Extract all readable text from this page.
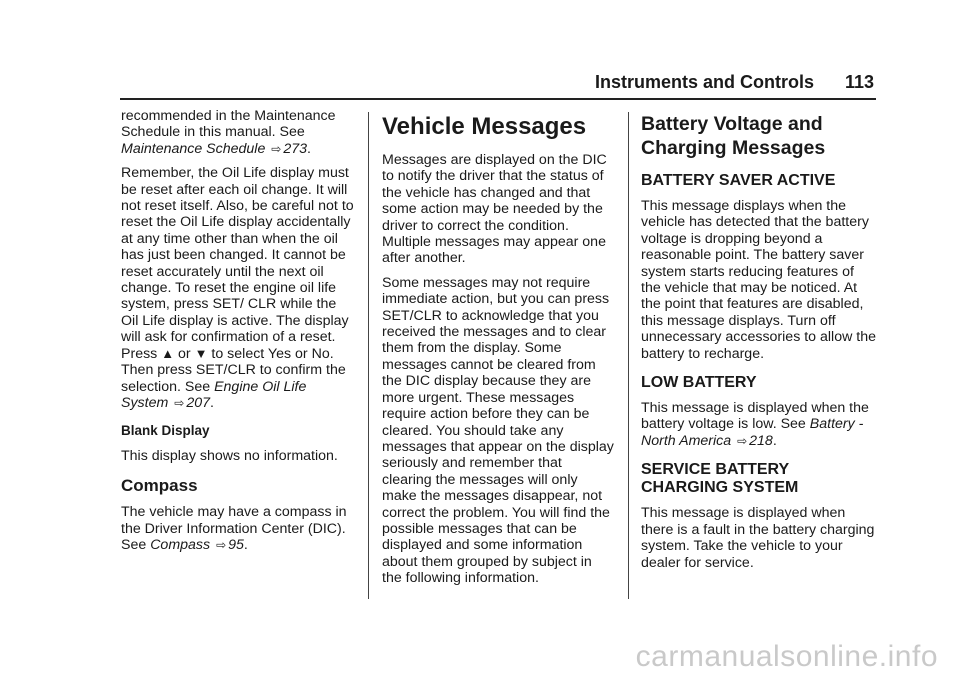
Instruments and Controls 113

recommended in the Maintenance Schedule in this manual. See Maintenance Schedule ⇨ 273.

Remember, the Oil Life display must be reset after each oil change. It will not reset itself. Also, be careful not to reset the Oil Life display accidentally at any time other than when the oil has just been changed. It cannot be reset accurately until the next oil change. To reset the engine oil life system, press SET/ CLR while the Oil Life display is active. The display will ask for confirmation of a reset. Press ▲ or ▼ to select Yes or No. Then press SET/CLR to confirm the selection. See Engine Oil Life System ⇨ 207.

Blank Display

This display shows no information.

Compass

The vehicle may have a compass in the Driver Information Center (DIC). See Compass ⇨ 95.

Vehicle Messages

Messages are displayed on the DIC to notify the driver that the status of the vehicle has changed and that some action may be needed by the driver to correct the condition. Multiple messages may appear one after another.

Some messages may not require immediate action, but you can press SET/CLR to acknowledge that you received the messages and to clear them from the display. Some messages cannot be cleared from the DIC display because they are more urgent. These messages require action before they can be cleared. You should take any messages that appear on the display seriously and remember that clearing the messages will only make the messages disappear, not correct the problem. You will find the possible messages that can be displayed and some information about them grouped by subject in the following information.

Battery Voltage and Charging Messages
BATTERY SAVER ACTIVE

This message displays when the vehicle has detected that the battery voltage is dropping beyond a reasonable point. The battery saver system starts reducing features of the vehicle that may be noticed. At the point that features are disabled, this message displays. Turn off unnecessary accessories to allow the battery to recharge.

LOW BATTERY

This message is displayed when the battery voltage is low. See Battery - North America ⇨ 218.

SERVICE BATTERY CHARGING SYSTEM

This message is displayed when there is a fault in the battery charging system. Take the vehicle to your dealer for service.

carmanualsonline.info
